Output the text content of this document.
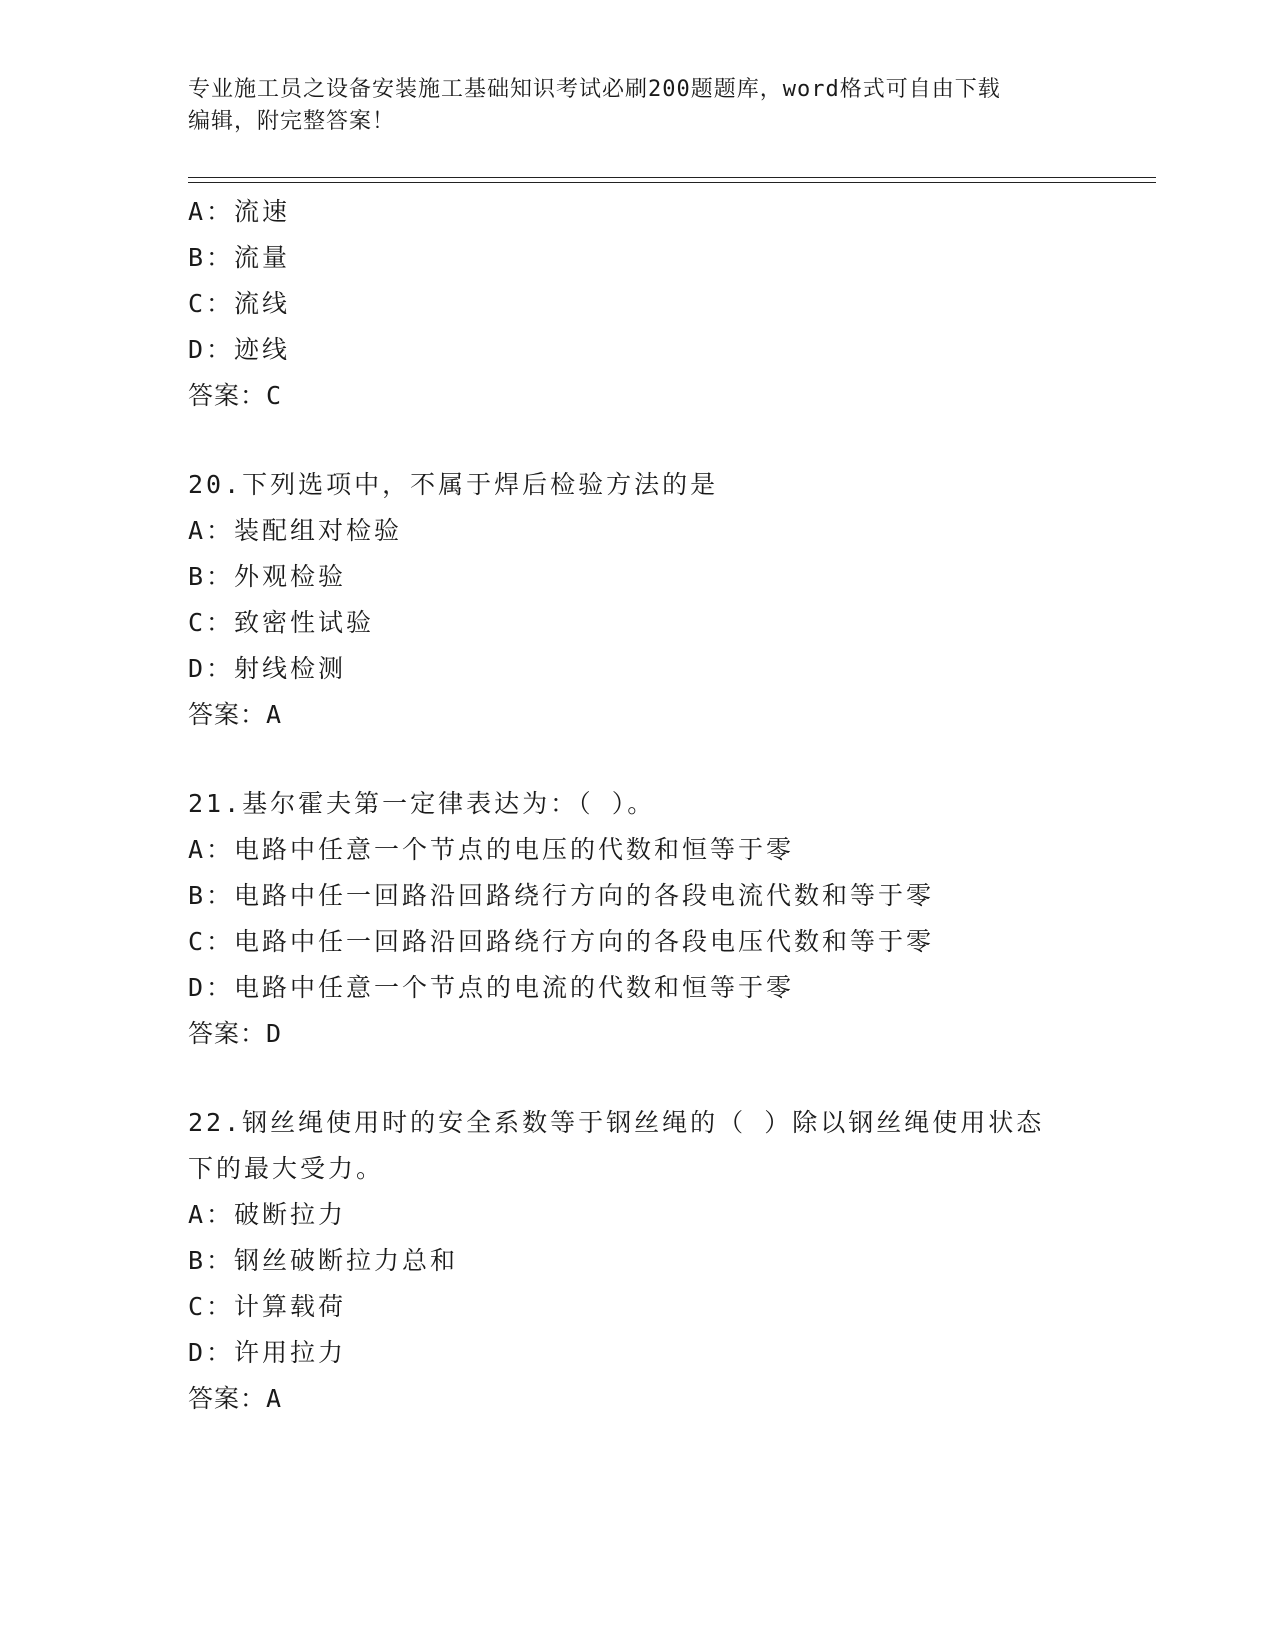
专业施工员之设备安装施工基础知识考试必刷200题题库，word格式可自由下载
编辑，附完整答案！
A：流速
B：流量
C：流线
D：迹线
答案：C
20.下列选项中，不属于焊后检验方法的是
A：装配组对检验
B：外观检验
C：致密性试验
D：射线检测
答案：A
21.基尔霍夫第一定律表达为：（ ）。
A：电路中任意一个节点的电压的代数和恒等于零
B：电路中任一回路沿回路绕行方向的各段电流代数和等于零
C：电路中任一回路沿回路绕行方向的各段电压代数和等于零
D：电路中任意一个节点的电流的代数和恒等于零
答案：D
22.钢丝绳使用时的安全系数等于钢丝绳的（ ）除以钢丝绳使用状态
下的最大受力。
A：破断拉力
B：钢丝破断拉力总和
C：计算载荷
D：许用拉力
答案：A
